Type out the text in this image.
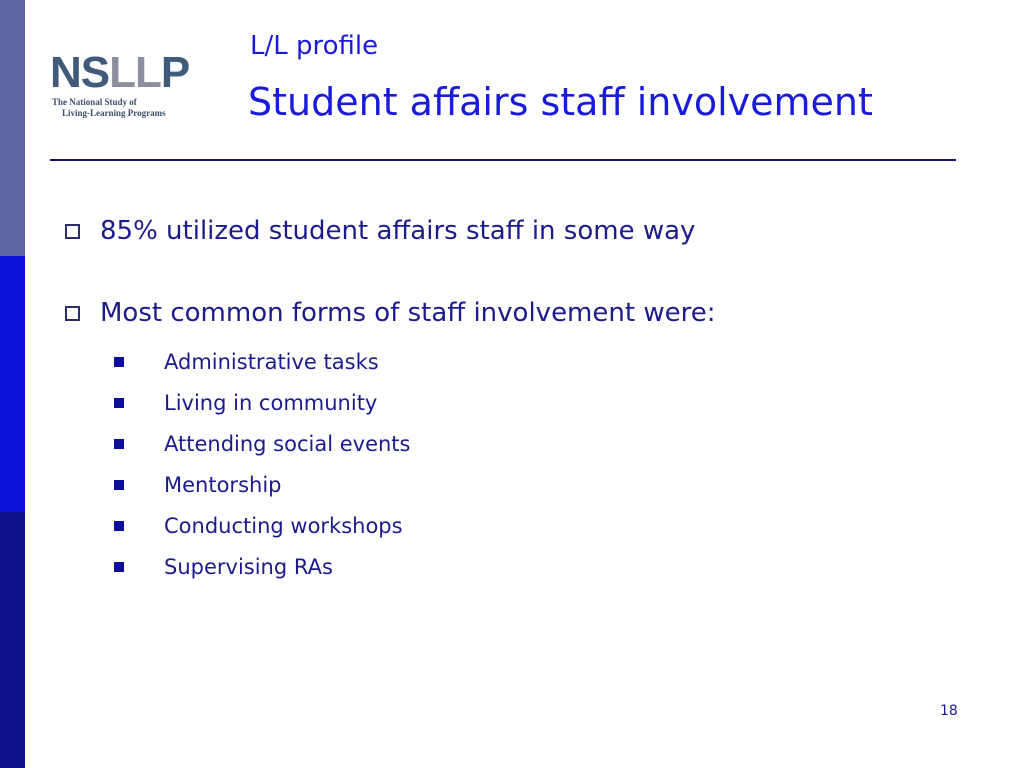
NSLLP
The National Study of
Living-Learning Programs
L/L profile
Student affairs staff involvement
85% utilized student affairs staff in some way
Most common forms of staff involvement were:
Administrative tasks
Living in community
Attending social events
Mentorship
Conducting workshops
Supervising RAs
18
